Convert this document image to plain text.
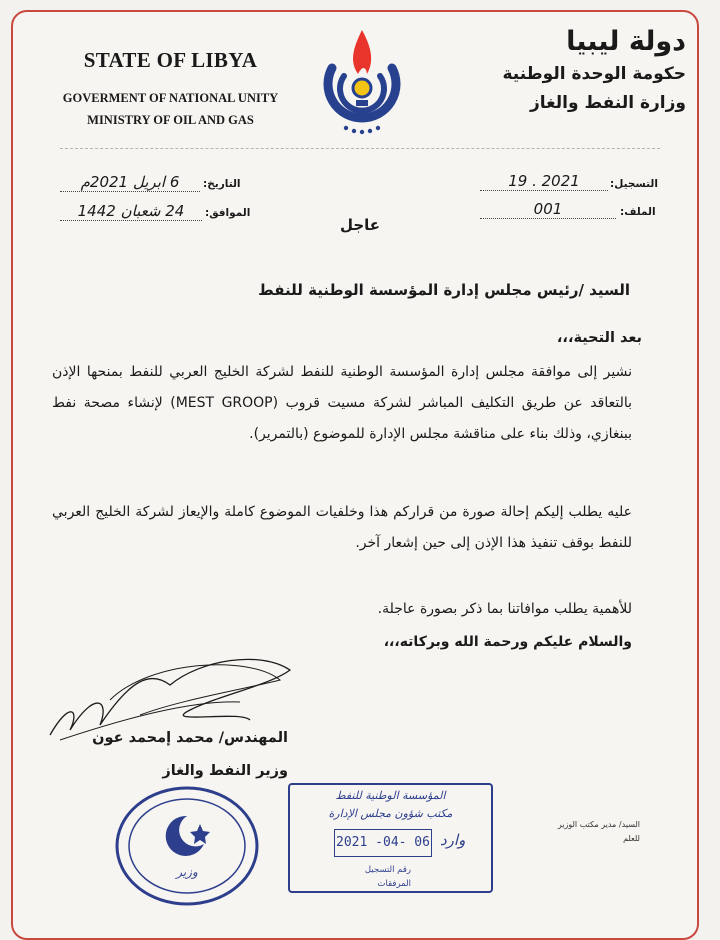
STATE OF LIBYA
GOVERMENT OF NATIONAL UNITY
MINISTRY OF OIL AND GAS
دولة ليبيا
حكومة الوحدة الوطنية
وزارة النفط والغاز
التاريخ:
6 ابريل 2021م
الموافق:
24 شعبان 1442
التسجيل:
2021 . 19
الملف:
001
عاجل
السيد /رئيس مجلس إدارة المؤسسة الوطنية للنفط
بعد التحية،،،
نشير إلى موافقة مجلس إدارة المؤسسة الوطنية للنفط لشركة الخليج العربي للنفط بمنحها الإذن بالتعاقد عن طريق التكليف المباشر لشركة مسيت قروب (MEST GROOP) لإنشاء مصحة نفط ببنغازي، وذلك بناء على مناقشة مجلس الإدارة للموضوع (بالتمرير).
عليه يطلب إليكم إحالة صورة من قراركم هذا وخلفيات الموضوع كاملة والإيعاز لشركة الخليج العربي للنفط بوقف تنفيذ هذا الإذن إلى حين إشعار آخر.
للأهمية يطلب موافاتنا بما ذكر بصورة عاجلة.
والسلام عليكم ورحمة الله وبركاته،،،
المهندس/ محمد إمحمد عون
وزير النفط والغاز
وزير
المؤسسة الوطنية للنفط
مكتب شؤون مجلس الإدارة
2021 -04- 06 وارد
رقم التسجيل
المرفقات
السيد/ مدير مكتب الوزير
للعلم
